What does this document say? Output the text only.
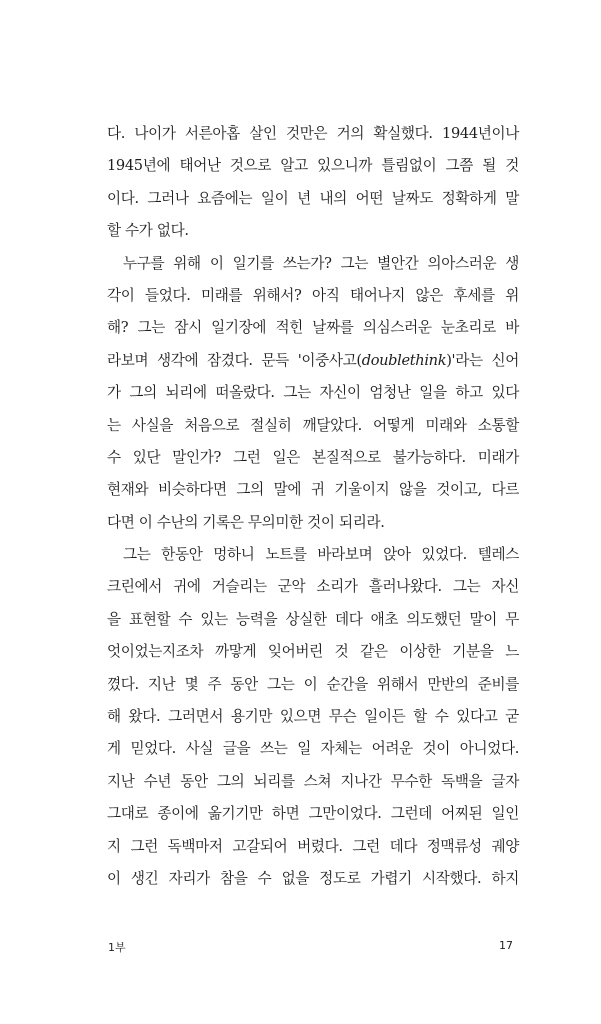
다. 나이가 서른아홉 살인 것만은 거의 확실했다. 1944년이나
1945년에 태어난 것으로 알고 있으니까 틀림없이 그쯤 될 것
이다. 그러나 요즘에는 일이 년 내의 어떤 날짜도 정확하게 말
할 수가 없다.
누구를 위해 이 일기를 쓰는가? 그는 별안간 의아스러운 생
각이 들었다. 미래를 위해서? 아직 태어나지 않은 후세를 위
해? 그는 잠시 일기장에 적힌 날짜를 의심스러운 눈초리로 바
라보며 생각에 잠겼다. 문득 '이중사고(doublethink)'라는 신어
가 그의 뇌리에 떠올랐다. 그는 자신이 엄청난 일을 하고 있다
는 사실을 처음으로 절실히 깨달았다. 어떻게 미래와 소통할
수 있단 말인가? 그런 일은 본질적으로 불가능하다. 미래가
현재와 비슷하다면 그의 말에 귀 기울이지 않을 것이고, 다르
다면 이 수난의 기록은 무의미한 것이 되리라.
그는 한동안 멍하니 노트를 바라보며 앉아 있었다. 텔레스
크린에서 귀에 거슬리는 군악 소리가 흘러나왔다. 그는 자신
을 표현할 수 있는 능력을 상실한 데다 애초 의도했던 말이 무
엇이었는지조차 까맣게 잊어버린 것 같은 이상한 기분을 느
꼈다. 지난 몇 주 동안 그는 이 순간을 위해서 만반의 준비를
해 왔다. 그러면서 용기만 있으면 무슨 일이든 할 수 있다고 굳
게 믿었다. 사실 글을 쓰는 일 자체는 어려운 것이 아니었다.
지난 수년 동안 그의 뇌리를 스쳐 지나간 무수한 독백을 글자
그대로 종이에 옮기기만 하면 그만이었다. 그런데 어찌된 일인
지 그런 독백마저 고갈되어 버렸다. 그런 데다 정맥류성 궤양
이 생긴 자리가 참을 수 없을 정도로 가렵기 시작했다. 하지
1부	17
